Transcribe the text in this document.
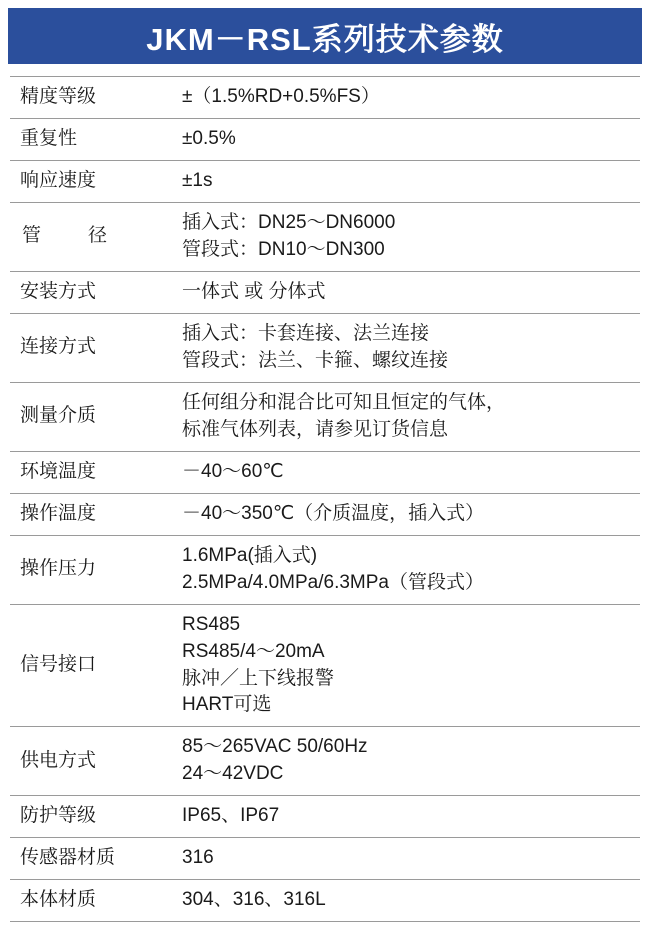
JKM－RSL系列技术参数
精度等级	±（1.5%RD+0.5%FS）

重复性	±0.5%

响应速度	±1s

管　径	插入式：DN25～DN6000
管段式：DN10～DN300

安装方式	一体式 或 分体式

连接方式	插入式：卡套连接、法兰连接
管段式：法兰、卡箍、螺纹连接

测量介质	任何组分和混合比可知且恒定的气体，
标准气体列表，请参见订货信息

环境温度	－40～60℃

操作温度	－40～350℃（介质温度，插入式）

操作压力	1.6MPa(插入式)
2.5MPa/4.0MPa/6.3MPa（管段式）

信号接口	RS485
RS485/4～20mA
脉冲／上下线报警
HART可选

供电方式	85～265VAC 50/60Hz
24～42VDC

防护等级	IP65、IP67

传感器材质	316

本体材质	304、316、316L
